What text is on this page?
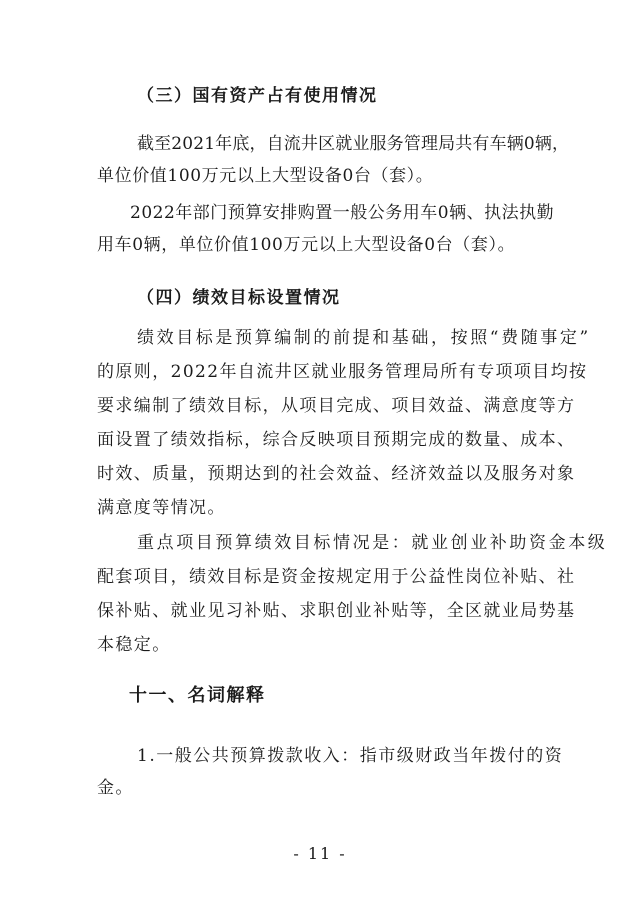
（三）国有资产占有使用情况
截至2021年底，自流井区就业服务管理局共有车辆0辆，
单位价值100万元以上大型设备0台（套）。
2022年部门预算安排购置一般公务用车0辆、执法执勤
用车0辆，单位价值100万元以上大型设备0台（套）。
（四）绩效目标设置情况
绩效目标是预算编制的前提和基础，按照“费随事定”
的原则，2022年自流井区就业服务管理局所有专项项目均按
要求编制了绩效目标，从项目完成、项目效益、满意度等方
面设置了绩效指标，综合反映项目预期完成的数量、成本、
时效、质量，预期达到的社会效益、经济效益以及服务对象
满意度等情况。
重点项目预算绩效目标情况是：就业创业补助资金本级
配套项目，绩效目标是资金按规定用于公益性岗位补贴、社
保补贴、就业见习补贴、求职创业补贴等，全区就业局势基
本稳定。
十一、名词解释
1.一般公共预算拨款收入：指市级财政当年拨付的资
金。
- 11 -
